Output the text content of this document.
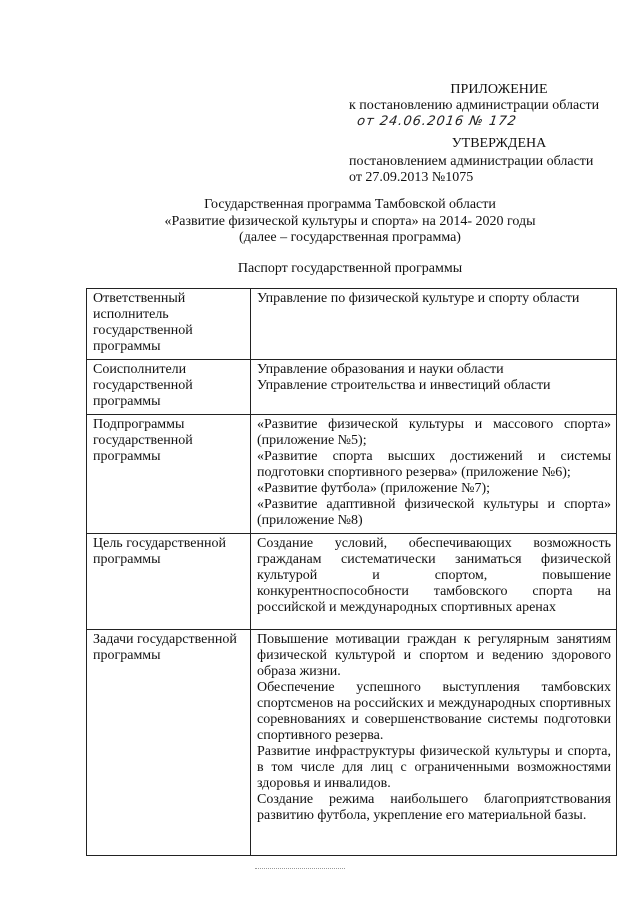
ПРИЛОЖЕНИЕ
к постановлению администрации области
от 24.06.2016 № 172
УТВЕРЖДЕНА
постановлением администрации области
от 27.09.2013 №1075
Государственная программа Тамбовской области
«Развитие физической культуры и спорта» на 2014- 2020 годы
(далее – государственная программа)
Паспорт государственной программы
Ответственный исполнитель государственной программы	Управление по физической культуре и спорту области

Соисполнители государственной программы	Управление образования и науки области

Управление строительства и инвестиций области

Подпрограммы государственной программы	«Развитие физической культуры и массового спорта» (приложение №5);

«Развитие спорта высших достижений и системы подготовки спортивного резерва» (приложение №6);

«Развитие футбола» (приложение №7);

«Развитие адаптивной физической культуры и спорта» (приложение №8)

Цель государственной программы	Создание условий, обеспечивающих возможность гражданам систематически заниматься физической культурой и спортом, повышение конкурентноспособности тамбовского спорта на российской и международных спортивных аренах

Задачи государственной программы	Повышение мотивации граждан к регулярным занятиям физической культурой и спортом и ведению здорового образа жизни.

Обеспечение успешного выступления тамбовских спортсменов на российских и международных спортивных соревнованиях и совершенствование системы подготовки спортивного резерва.

Развитие инфраструктуры физической культуры и спорта, в том числе для лиц с ограниченными возможностями здоровья и инвалидов.

Создание режима наибольшего благоприятствования развитию футбола, укрепление его материальной базы.
